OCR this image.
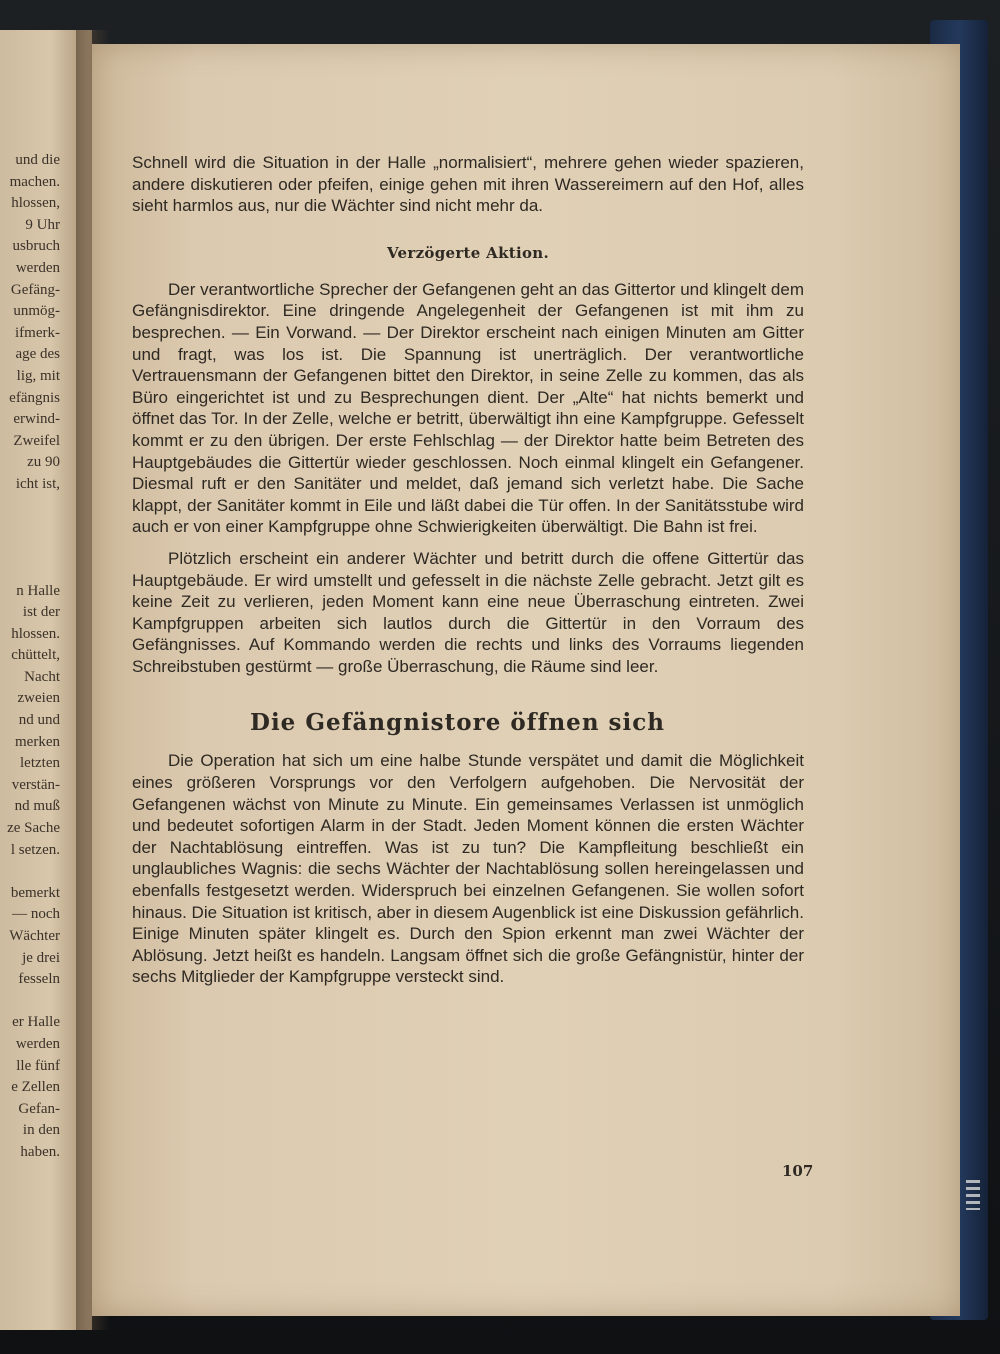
und die
machen.
hlossen,
9 Uhr
usbruch
werden
Gefäng-
unmög-
ifmerk-
age des
lig, mit
efängnis
erwind-
Zweifel
zu 90
icht ist,
n Halle
ist der
hlossen.
chüttelt,
Nacht
zweien
nd und
merken
letzten
verstän-
nd muß
ze Sache
l setzen.
bemerkt
— noch
Wächter
je drei
fesseln
er Halle
werden
lle fünf
e Zellen
Gefan-
in den
haben.

Schnell wird die Situation in der Halle „normalisiert“, mehrere gehen wieder spazieren, andere diskutieren oder pfeifen, einige gehen mit ihren Wassereimern auf den Hof, alles sieht harmlos aus, nur die Wächter sind nicht mehr da.

Verzögerte Aktion.

Der verantwortliche Sprecher der Gefangenen geht an das Gittertor und klingelt dem Gefängnisdirektor. Eine dringende Angelegenheit der Gefangenen ist mit ihm zu besprechen. — Ein Vorwand. — Der Direktor erscheint nach einigen Minuten am Gitter und fragt, was los ist. Die Spannung ist unerträglich. Der verantwortliche Vertrauensmann der Gefangenen bittet den Direktor, in seine Zelle zu kommen, das als Büro eingerichtet ist und zu Besprechungen dient. Der „Alte“ hat nichts bemerkt und öffnet das Tor. In der Zelle, welche er betritt, überwältigt ihn eine Kampfgruppe. Gefesselt kommt er zu den übrigen. Der erste Fehlschlag — der Direktor hatte beim Betreten des Hauptgebäudes die Gittertür wieder geschlossen. Noch einmal klingelt ein Gefangener. Diesmal ruft er den Sanitäter und meldet, daß jemand sich verletzt habe. Die Sache klappt, der Sanitäter kommt in Eile und läßt dabei die Tür offen. In der Sanitätsstube wird auch er von einer Kampfgruppe ohne Schwierigkeiten überwältigt. Die Bahn ist frei.

Plötzlich erscheint ein anderer Wächter und betritt durch die offene Gittertür das Hauptgebäude. Er wird umstellt und gefesselt in die nächste Zelle gebracht. Jetzt gilt es keine Zeit zu verlieren, jeden Moment kann eine neue Überraschung eintreten. Zwei Kampfgruppen arbeiten sich lautlos durch die Gittertür in den Vorraum des Gefängnisses. Auf Kommando werden die rechts und links des Vorraums liegenden Schreibstuben gestürmt — große Überraschung, die Räume sind leer.

Die Gefängnistore öffnen sich

Die Operation hat sich um eine halbe Stunde verspätet und damit die Möglichkeit eines größeren Vorsprungs vor den Verfolgern aufgehoben. Die Nervosität der Gefangenen wächst von Minute zu Minute. Ein gemeinsames Verlassen ist unmöglich und bedeutet sofortigen Alarm in der Stadt. Jeden Moment können die ersten Wächter der Nachtablösung eintreffen. Was ist zu tun? Die Kampfleitung beschließt ein unglaubliches Wagnis: die sechs Wächter der Nachtablösung sollen hereingelassen und ebenfalls festgesetzt werden. Widerspruch bei einzelnen Gefangenen. Sie wollen sofort hinaus. Die Situation ist kritisch, aber in diesem Augenblick ist eine Diskussion gefährlich. Einige Minuten später klingelt es. Durch den Spion erkennt man zwei Wächter der Ablösung. Jetzt heißt es handeln. Langsam öffnet sich die große Gefängnistür, hinter der sechs Mitglieder der Kampfgruppe versteckt sind.

107
